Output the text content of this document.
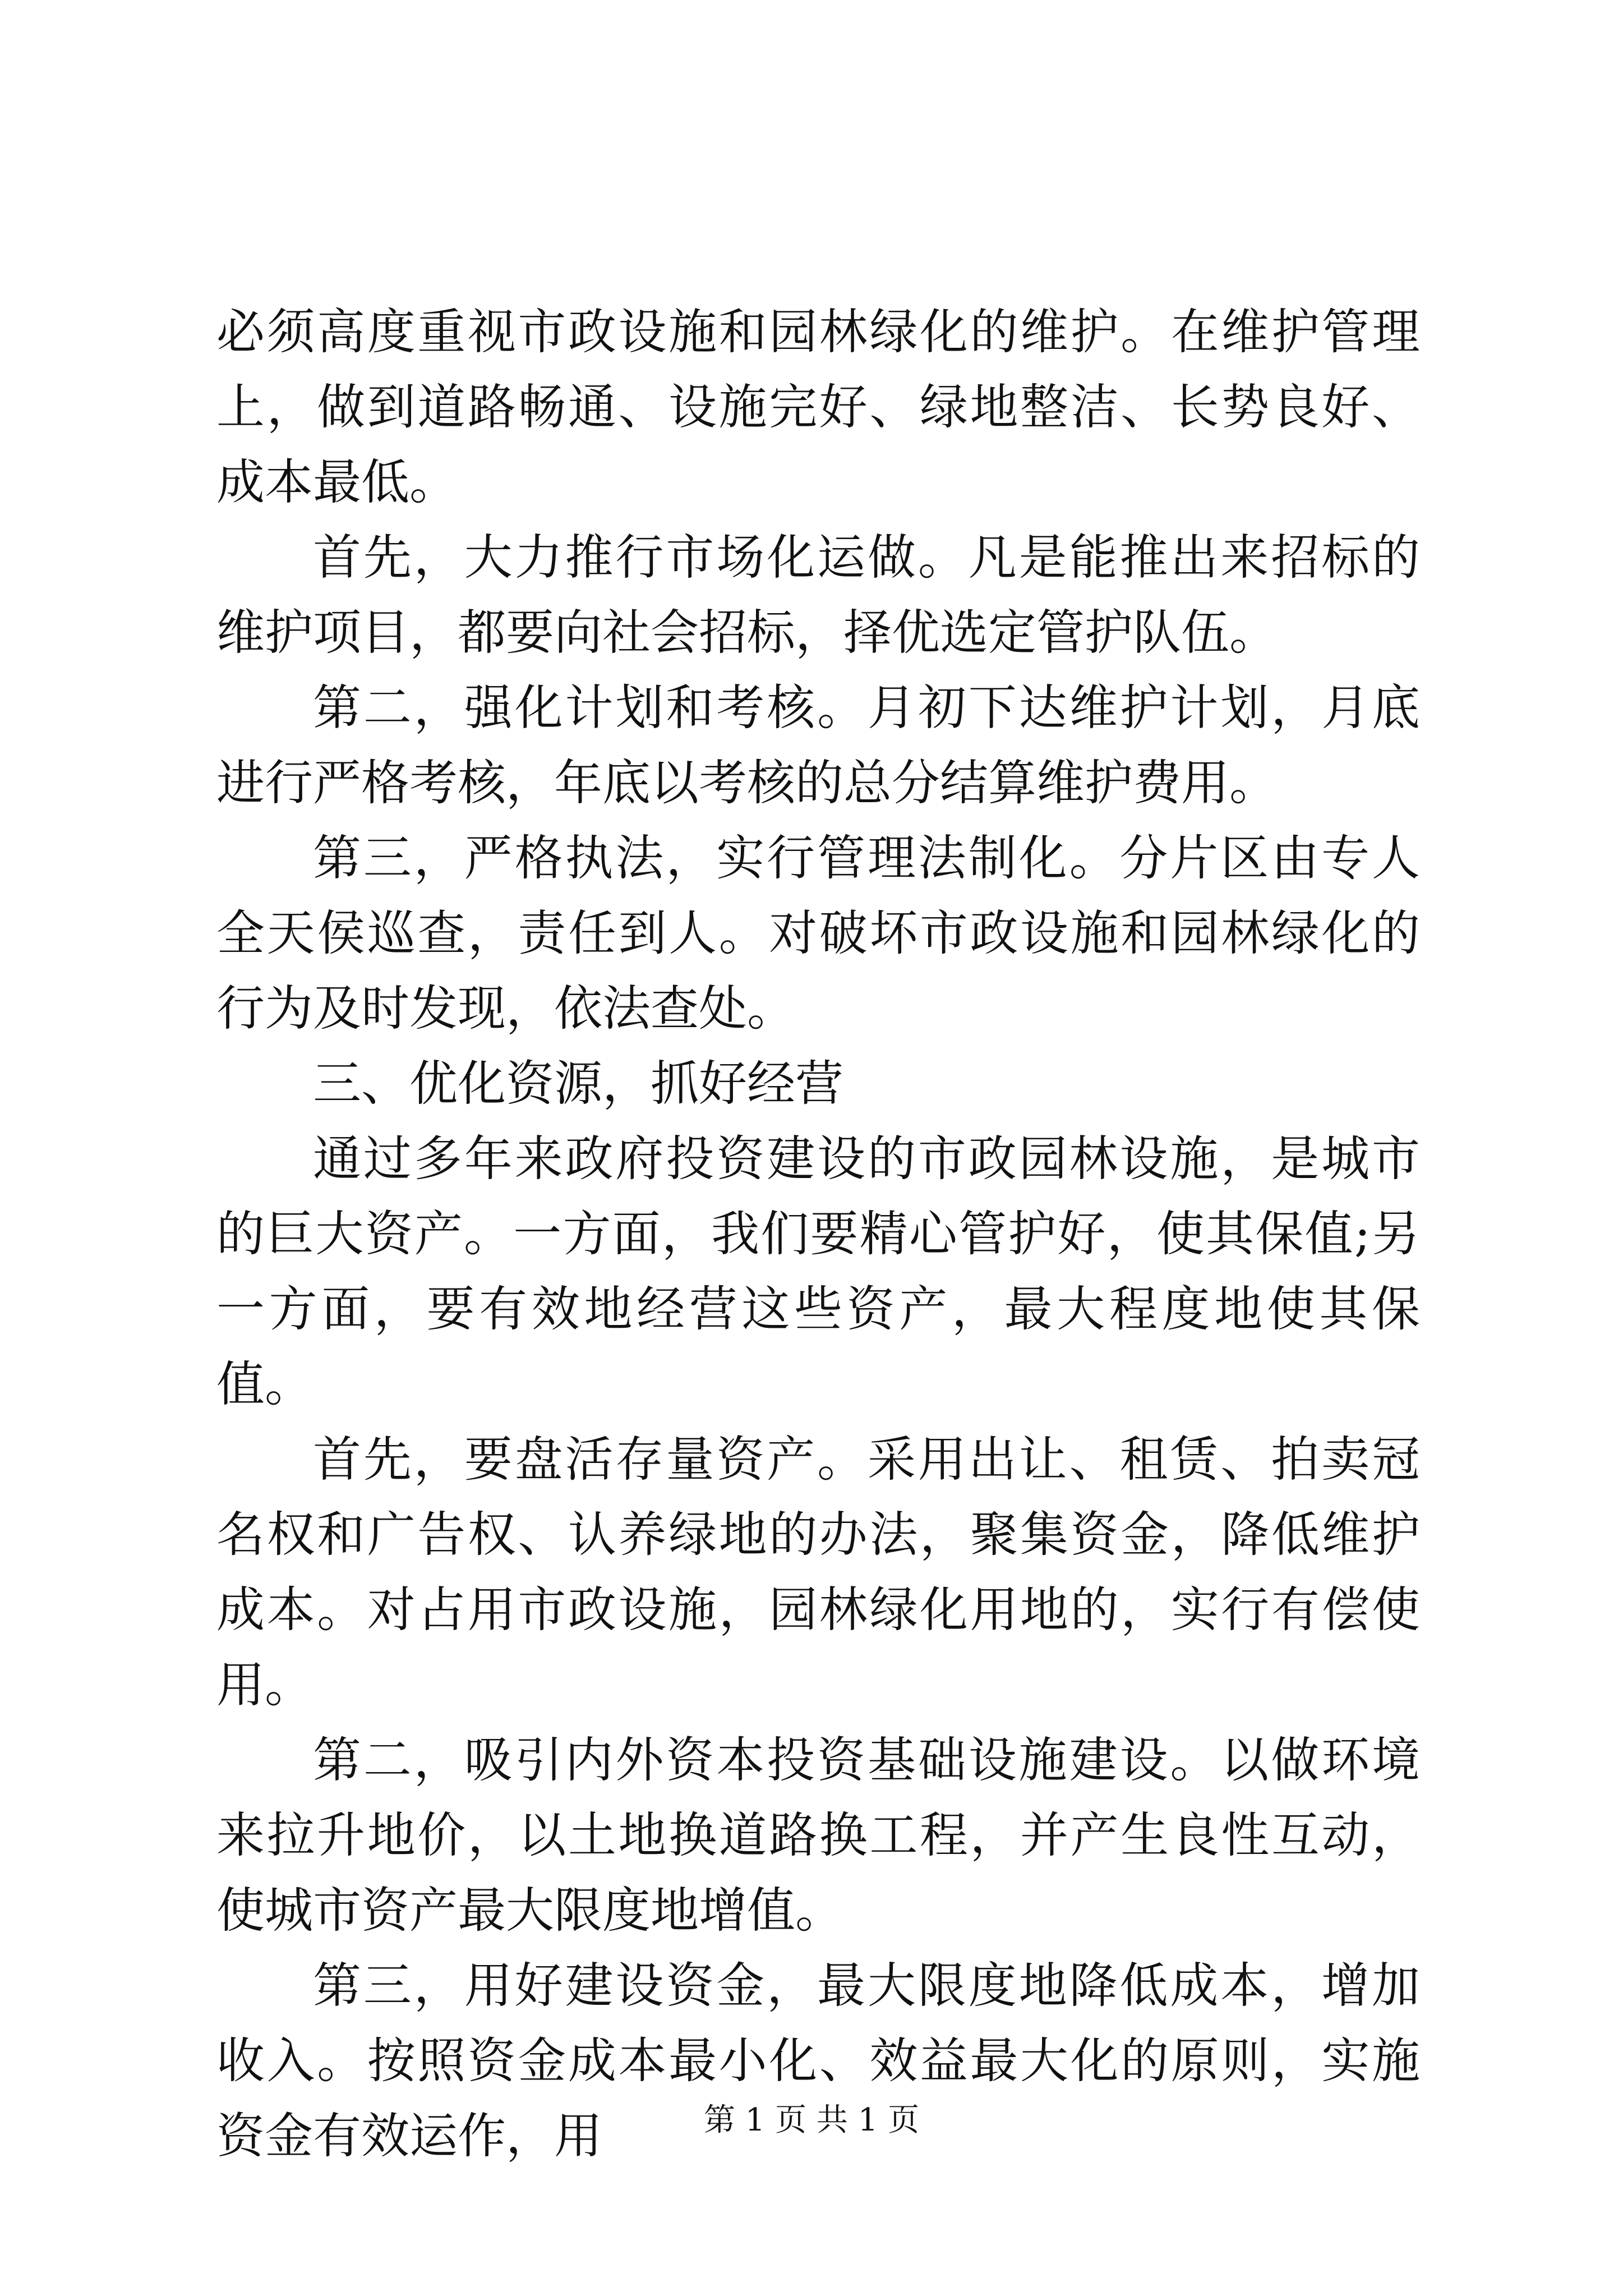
必须高度重视市政设施和园林绿化的维护。在维护管理上，做到道路畅通、设施完好、绿地整洁、长势良好、成本最低。

首先，大力推行市场化运做。凡是能推出来招标的维护项目，都要向社会招标，择优选定管护队伍。

第二，强化计划和考核。月初下达维护计划，月底进行严格考核，年底以考核的总分结算维护费用。

第三，严格执法，实行管理法制化。分片区由专人全天侯巡查，责任到人。对破坏市政设施和园林绿化的行为及时发现，依法查处。

三、优化资源，抓好经营

通过多年来政府投资建设的市政园林设施，是城市的巨大资产。一方面，我们要精心管护好，使其保值;另一方面，要有效地经营这些资产，最大程度地使其保值。

首先，要盘活存量资产。采用出让、租赁、拍卖冠名权和广告权、认养绿地的办法，聚集资金，降低维护成本。对占用市政设施，园林绿化用地的，实行有偿使用。

第二，吸引内外资本投资基础设施建设。以做环境来拉升地价，以土地换道路换工程，并产生良性互动，使城市资产最大限度地增值。

第三，用好建设资金，最大限度地降低成本，增加收入。按照资金成本最小化、效益最大化的原则，实施资金有效运作，用	第 1 页 共 1 页
